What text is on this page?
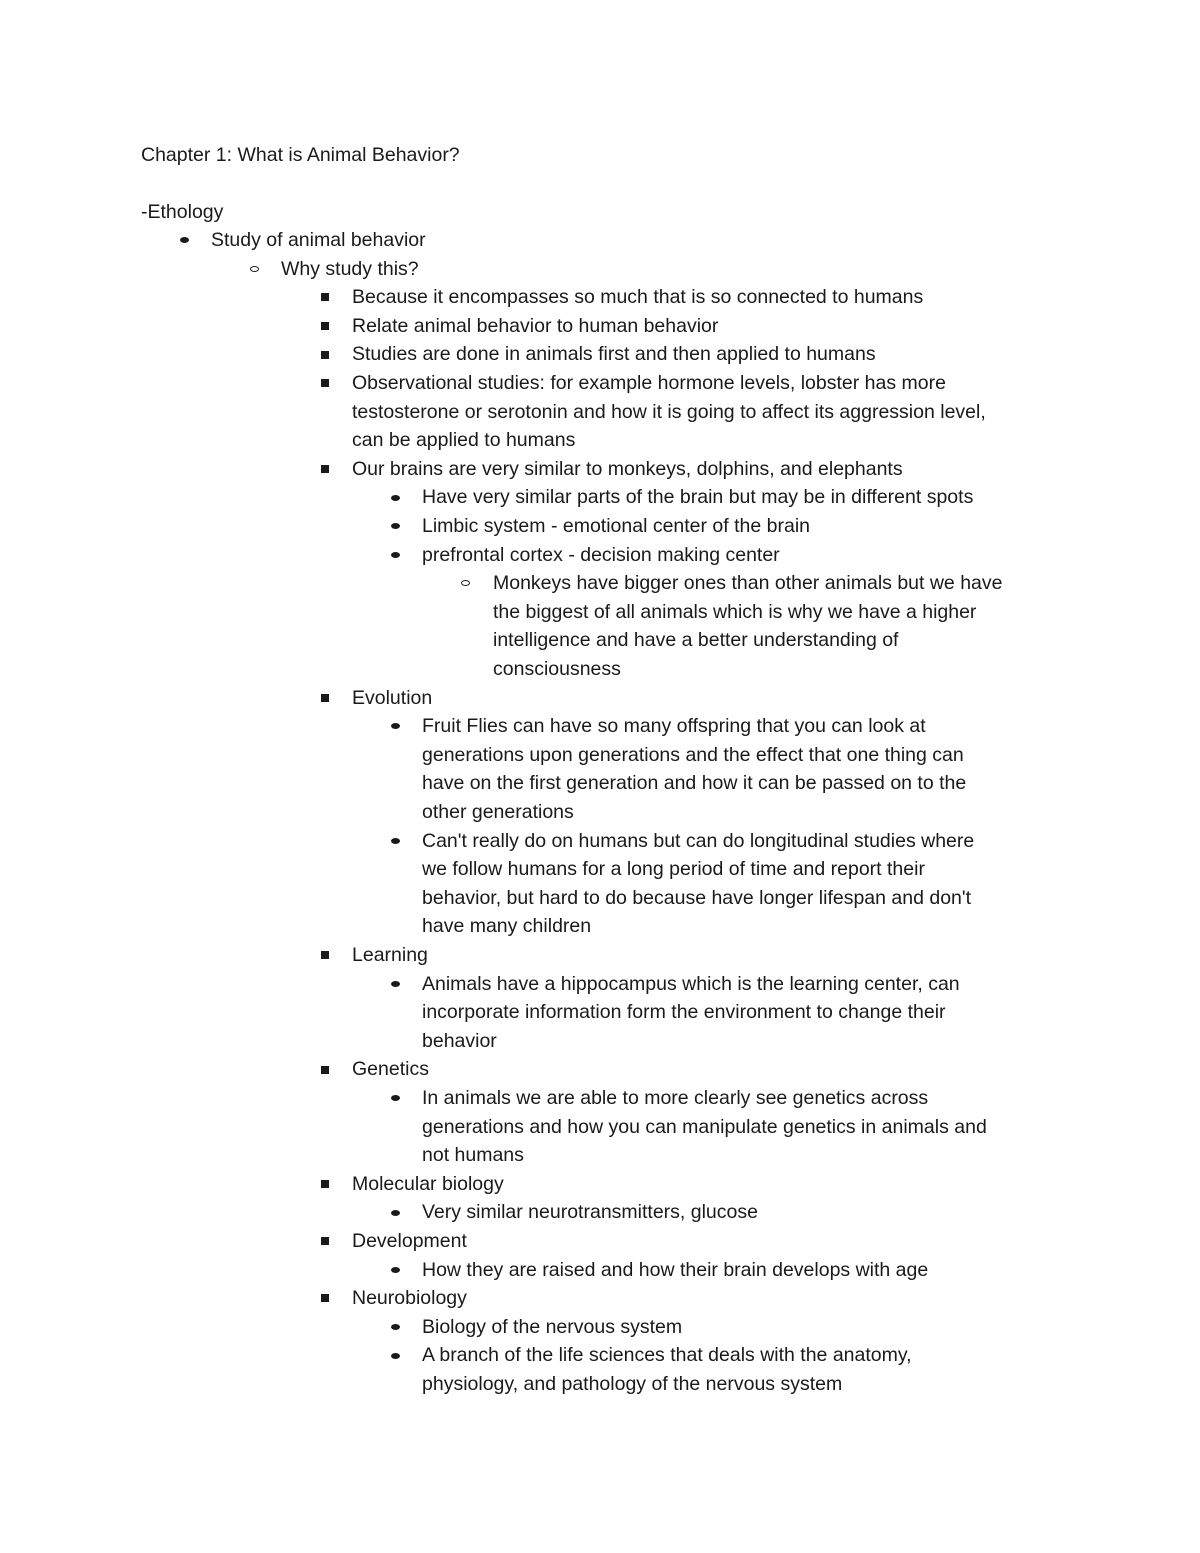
Chapter 1: What is Animal Behavior?
-Ethology
Study of animal behavior
Why study this?
Because it encompasses so much that is so connected to humans
Relate animal behavior to human behavior
Studies are done in animals first and then applied to humans
Observational studies: for example hormone levels, lobster has more
testosterone or serotonin and how it is going to affect its aggression level,
can be applied to humans
Our brains are very similar to monkeys, dolphins, and elephants
Have very similar parts of the brain but may be in different spots
Limbic system - emotional center of the brain
prefrontal cortex - decision making center
Monkeys have bigger ones than other animals but we have
the biggest of all animals which is why we have a higher
intelligence and have a better understanding of
consciousness
Evolution
Fruit Flies can have so many offspring that you can look at
generations upon generations and the effect that one thing can
have on the first generation and how it can be passed on to the
other generations
Can't really do on humans but can do longitudinal studies where
we follow humans for a long period of time and report their
behavior, but hard to do because have longer lifespan and don't
have many children
Learning
Animals have a hippocampus which is the learning center, can
incorporate information form the environment to change their
behavior
Genetics
In animals we are able to more clearly see genetics across
generations and how you can manipulate genetics in animals and
not humans
Molecular biology
Very similar neurotransmitters, glucose
Development
How they are raised and how their brain develops with age
Neurobiology
Biology of the nervous system
A branch of the life sciences that deals with the anatomy,
physiology, and pathology of the nervous system
